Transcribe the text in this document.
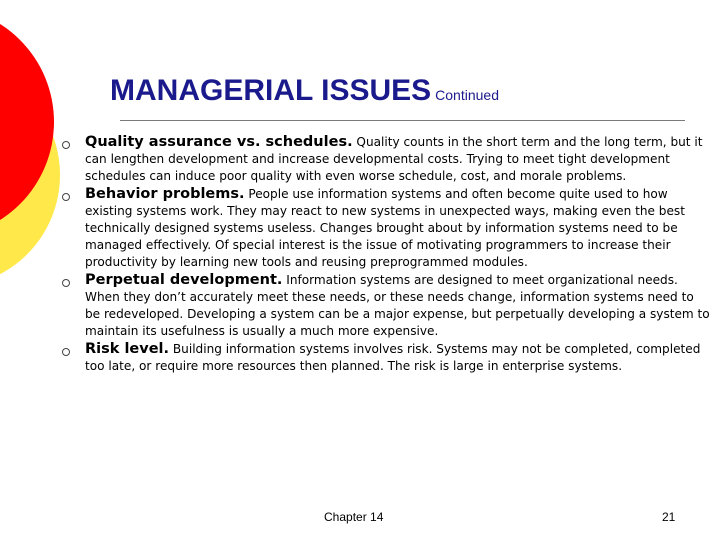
MANAGERIAL ISSUES Continued
Quality assurance vs. schedules. Quality counts in the short term and the long term, but it can lengthen development and increase developmental costs. Trying to meet tight development schedules can induce poor quality with even worse schedule, cost, and morale problems.
Behavior problems. People use information systems and often become quite used to how existing systems work. They may react to new systems in unexpected ways, making even the best technically designed systems useless. Changes brought about by information systems need to be managed effectively. Of special interest is the issue of motivating programmers to increase their productivity by learning new tools and reusing preprogrammed modules.
Perpetual development. Information systems are designed to meet organizational needs. When they don’t accurately meet these needs, or these needs change, information systems need to be redeveloped. Developing a system can be a major expense, but perpetually developing a system to maintain its usefulness is usually a much more expensive.
Risk level. Building information systems involves risk. Systems may not be completed, completed too late, or require more resources then planned. The risk is large in enterprise systems.
Chapter 14	21
